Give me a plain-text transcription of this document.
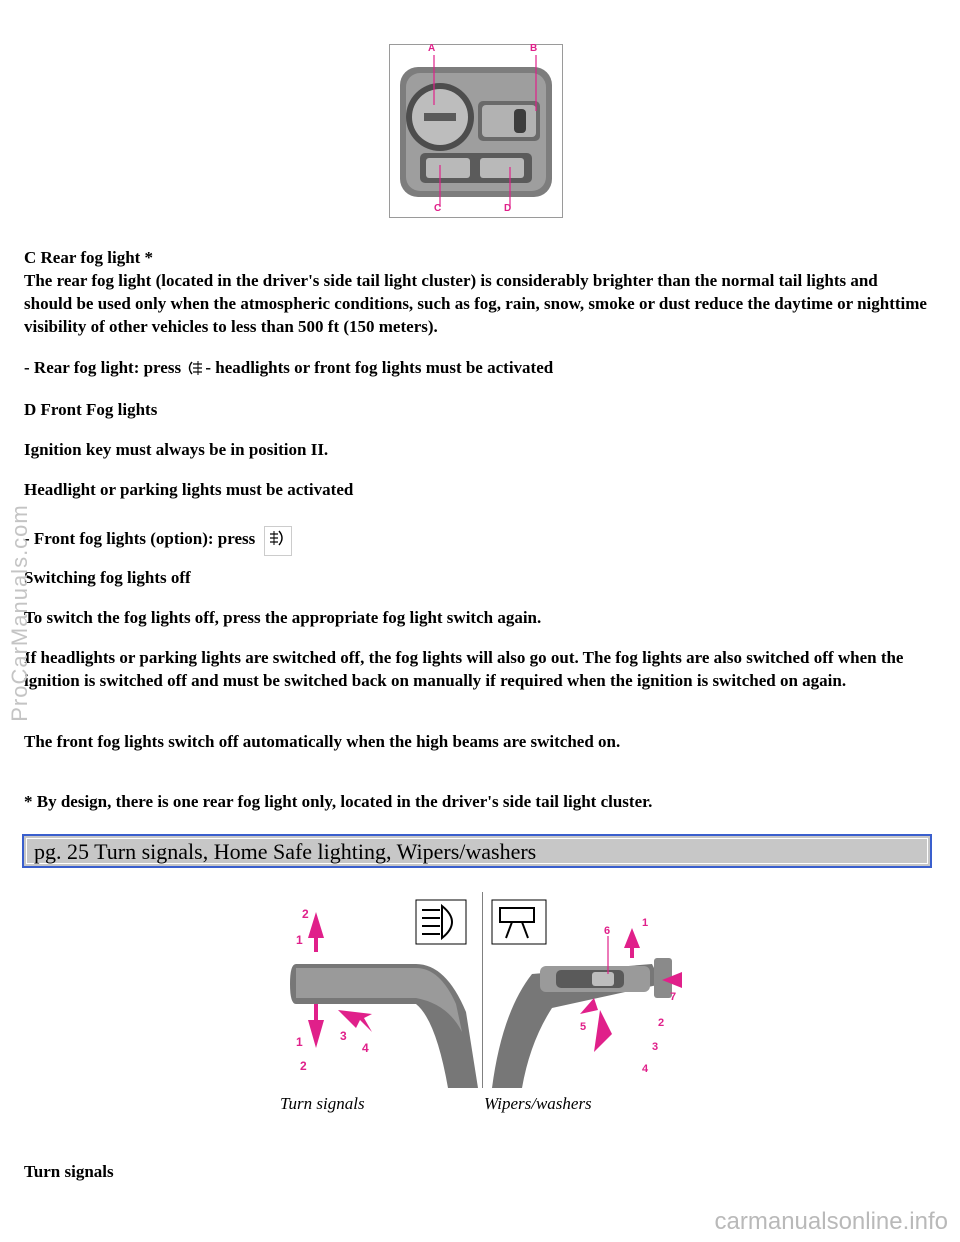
A	B
C	D
C Rear fog light *
The rear fog light (located in the driver's side tail light cluster) is considerably brighter than the normal tail lights and should be used only when the atmospheric conditions, such as fog, rain, snow, smoke or dust reduce the daytime or nighttime visibility of other vehicles to less than 500 ft (150 meters).
- Rear fog light: press - headlights or front fog lights must be activated
D Front Fog lights
Ignition key must always be in position II.
Headlight or parking lights must be activated
- Front fog lights (option): press
Switching fog lights off
To switch the fog lights off, press the appropriate fog light switch again.
If headlights or parking lights are switched off, the fog lights will also go out. The fog lights are also switched off when the ignition is switched off and must be switched back on manually if required when the ignition is switched on again.
The front fog lights switch off automatically when the high beams are switched on.
* By design, there is one rear fog light only, located in the driver's side tail light cluster.
pg. 25 Turn signals, Home Safe lighting, Wipers/washers
1
2
1
2
3
4
6
1
7
5	2
3
4
Turn signals	Wipers/washers
Turn signals
ProCarManuals.com
carmanualsonline.info
